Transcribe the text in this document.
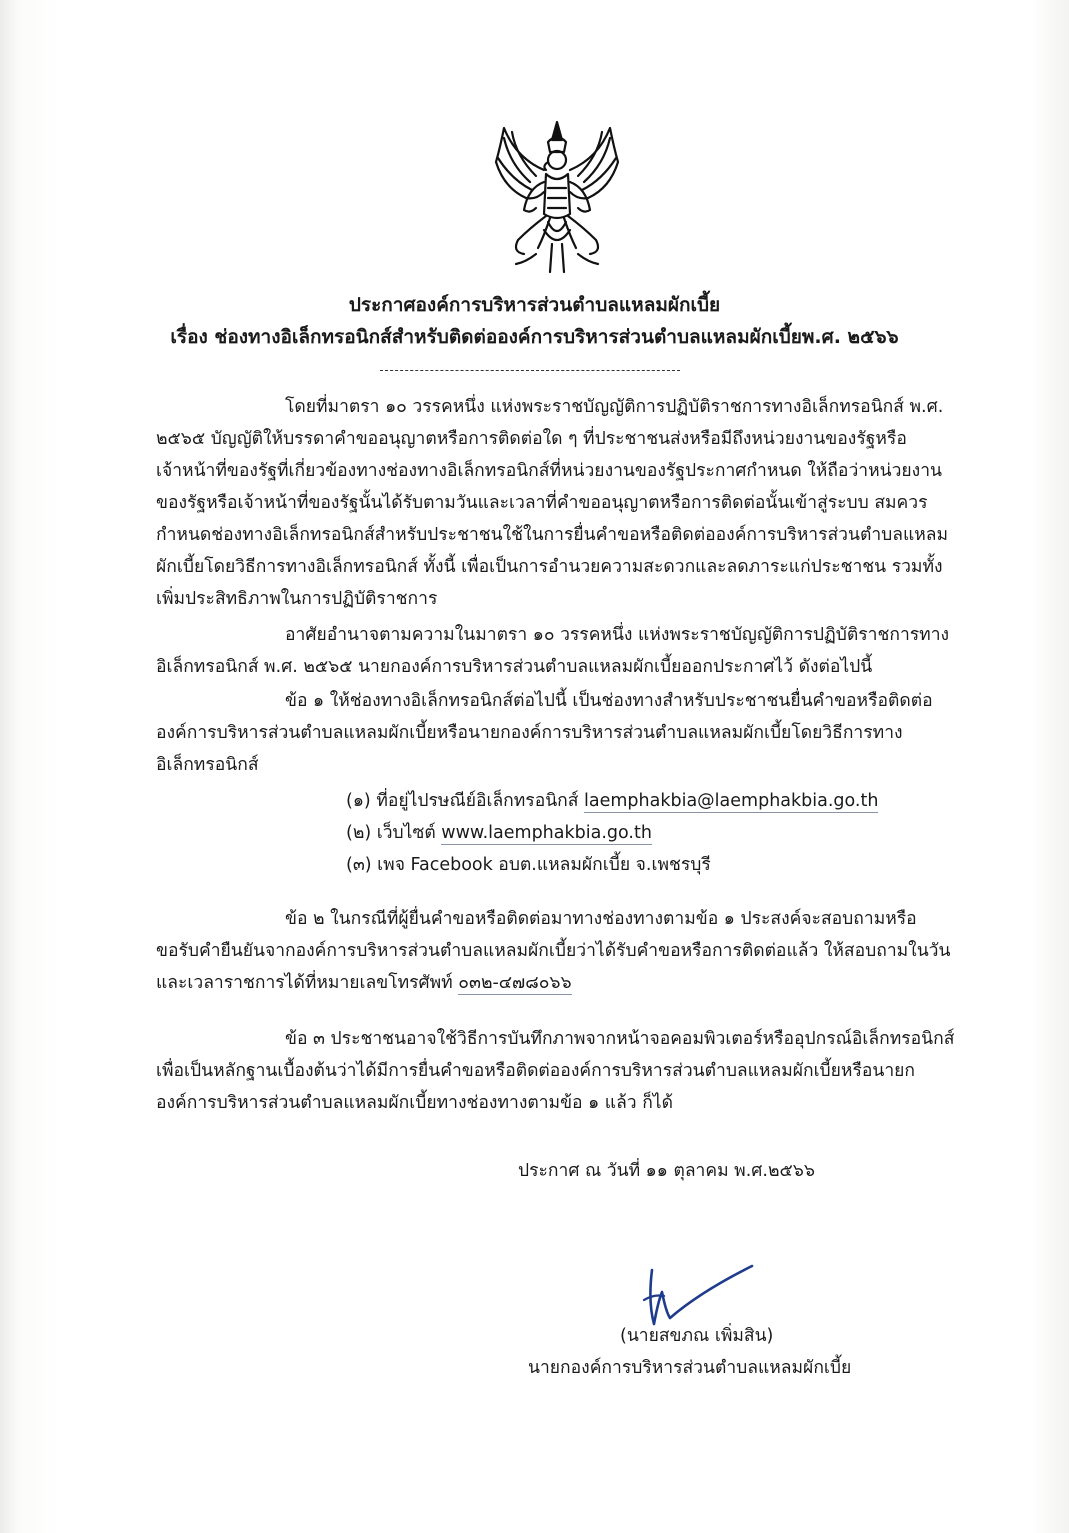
ประกาศองค์การบริหารส่วนตำบลแหลมผักเบี้ย
เรื่อง ช่องทางอิเล็กทรอนิกส์สำหรับติดต่อองค์การบริหารส่วนตำบลแหลมผักเบี้ยพ.ศ. ๒๕๖๖
โดยที่มาตรา ๑๐ วรรคหนึ่ง แห่งพระราชบัญญัติการปฏิบัติราชการทางอิเล็กทรอนิกส์ พ.ศ.
๒๕๖๕ บัญญัติให้บรรดาคำขออนุญาตหรือการติดต่อใด ๆ ที่ประชาชนส่งหรือมีถึงหน่วยงานของรัฐหรือ
เจ้าหน้าที่ของรัฐที่เกี่ยวข้องทางช่องทางอิเล็กทรอนิกส์ที่หน่วยงานของรัฐประกาศกำหนด ให้ถือว่าหน่วยงาน
ของรัฐหรือเจ้าหน้าที่ของรัฐนั้นได้รับตามวันและเวลาที่คำขออนุญาตหรือการติดต่อนั้นเข้าสู่ระบบ สมควร
กำหนดช่องทางอิเล็กทรอนิกส์สำหรับประชาชนใช้ในการยื่นคำขอหรือติดต่อองค์การบริหารส่วนตำบลแหลม
ผักเบี้ยโดยวิธีการทางอิเล็กทรอนิกส์ ทั้งนี้ เพื่อเป็นการอำนวยความสะดวกและลดภาระแก่ประชาชน รวมทั้ง
เพิ่มประสิทธิภาพในการปฏิบัติราชการ
อาศัยอำนาจตามความในมาตรา ๑๐ วรรคหนึ่ง แห่งพระราชบัญญัติการปฏิบัติราชการทาง
อิเล็กทรอนิกส์ พ.ศ. ๒๕๖๕ นายกองค์การบริหารส่วนตำบลแหลมผักเบี้ยออกประกาศไว้ ดังต่อไปนี้
ข้อ ๑ ให้ช่องทางอิเล็กทรอนิกส์ต่อไปนี้ เป็นช่องทางสำหรับประชาชนยื่นคำขอหรือติดต่อ
องค์การบริหารส่วนตำบลแหลมผักเบี้ยหรือนายกองค์การบริหารส่วนตำบลแหลมผักเบี้ยโดยวิธีการทาง
อิเล็กทรอนิกส์
(๑) ที่อยู่ไปรษณีย์อิเล็กทรอนิกส์ laemphakbia@laemphakbia.go.th
(๒) เว็บไซต์ www.laemphakbia.go.th
(๓) เพจ Facebook อบต.แหลมผักเบี้ย จ.เพชรบุรี
ข้อ ๒ ในกรณีที่ผู้ยื่นคำขอหรือติดต่อมาทางช่องทางตามข้อ ๑ ประสงค์จะสอบถามหรือ
ขอรับคำยืนยันจากองค์การบริหารส่วนตำบลแหลมผักเบี้ยว่าได้รับคำขอหรือการติดต่อแล้ว ให้สอบถามในวัน
และเวลาราชการได้ที่หมายเลขโทรศัพท์ ๐๓๒-๔๗๘๐๖๖
ข้อ ๓ ประชาชนอาจใช้วิธีการบันทึกภาพจากหน้าจอคอมพิวเตอร์หรืออุปกรณ์อิเล็กทรอนิกส์
เพื่อเป็นหลักฐานเบื้องต้นว่าได้มีการยื่นคำขอหรือติดต่อองค์การบริหารส่วนตำบลแหลมผักเบี้ยหรือนายก
องค์การบริหารส่วนตำบลแหลมผักเบี้ยทางช่องทางตามข้อ ๑ แล้ว ก็ได้
ประกาศ ณ วันที่ ๑๑ ตุลาคม พ.ศ.๒๕๖๖
(นายสขภณ เพิ่มสิน)
นายกองค์การบริหารส่วนตำบลแหลมผักเบี้ย
